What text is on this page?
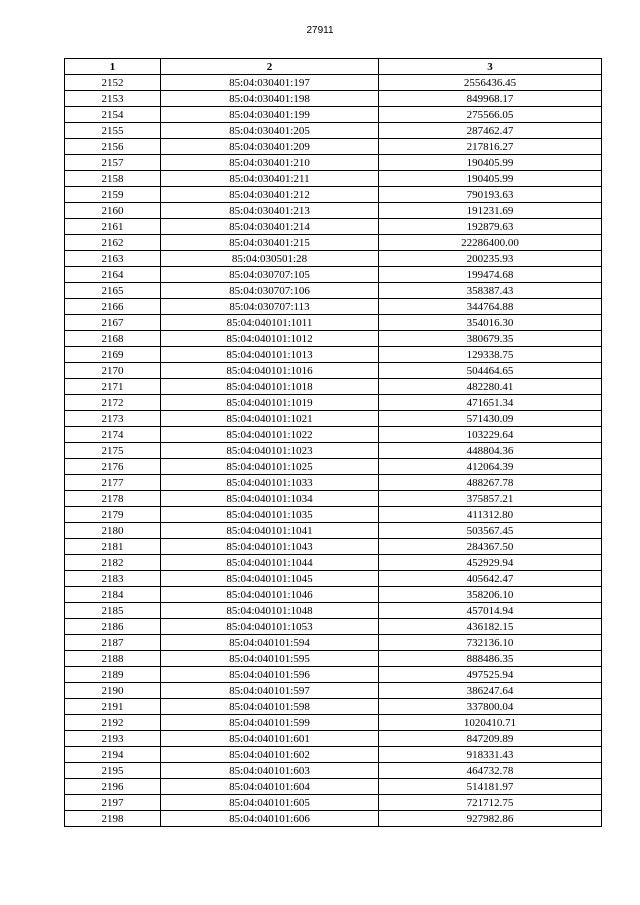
27911
1	2	3
2152	85:04:030401:197	2556436.45
2153	85:04:030401:198	849968.17
2154	85:04:030401:199	275566.05
2155	85:04:030401:205	287462.47
2156	85:04:030401:209	217816.27
2157	85:04:030401:210	190405.99
2158	85:04:030401:211	190405.99
2159	85:04:030401:212	790193.63
2160	85:04:030401:213	191231.69
2161	85:04:030401:214	192879.63
2162	85:04:030401:215	22286400.00
2163	85:04:030501:28	200235.93
2164	85:04:030707:105	199474.68
2165	85:04:030707:106	358387.43
2166	85:04:030707:113	344764.88
2167	85:04:040101:1011	354016.30
2168	85:04:040101:1012	380679.35
2169	85:04:040101:1013	129338.75
2170	85:04:040101:1016	504464.65
2171	85:04:040101:1018	482280.41
2172	85:04:040101:1019	471651.34
2173	85:04:040101:1021	571430.09
2174	85:04:040101:1022	103229.64
2175	85:04:040101:1023	448804.36
2176	85:04:040101:1025	412064.39
2177	85:04:040101:1033	488267.78
2178	85:04:040101:1034	375857.21
2179	85:04:040101:1035	411312.80
2180	85:04:040101:1041	503567.45
2181	85:04:040101:1043	284367.50
2182	85:04:040101:1044	452929.94
2183	85:04:040101:1045	405642.47
2184	85:04:040101:1046	358206.10
2185	85:04:040101:1048	457014.94
2186	85:04:040101:1053	436182.15
2187	85:04:040101:594	732136.10
2188	85:04:040101:595	888486.35
2189	85:04:040101:596	497525.94
2190	85:04:040101:597	386247.64
2191	85:04:040101:598	337800.04
2192	85:04:040101:599	1020410.71
2193	85:04:040101:601	847209.89
2194	85:04:040101:602	918331.43
2195	85:04:040101:603	464732.78
2196	85:04:040101:604	514181.97
2197	85:04:040101:605	721712.75
2198	85:04:040101:606	927982.86
